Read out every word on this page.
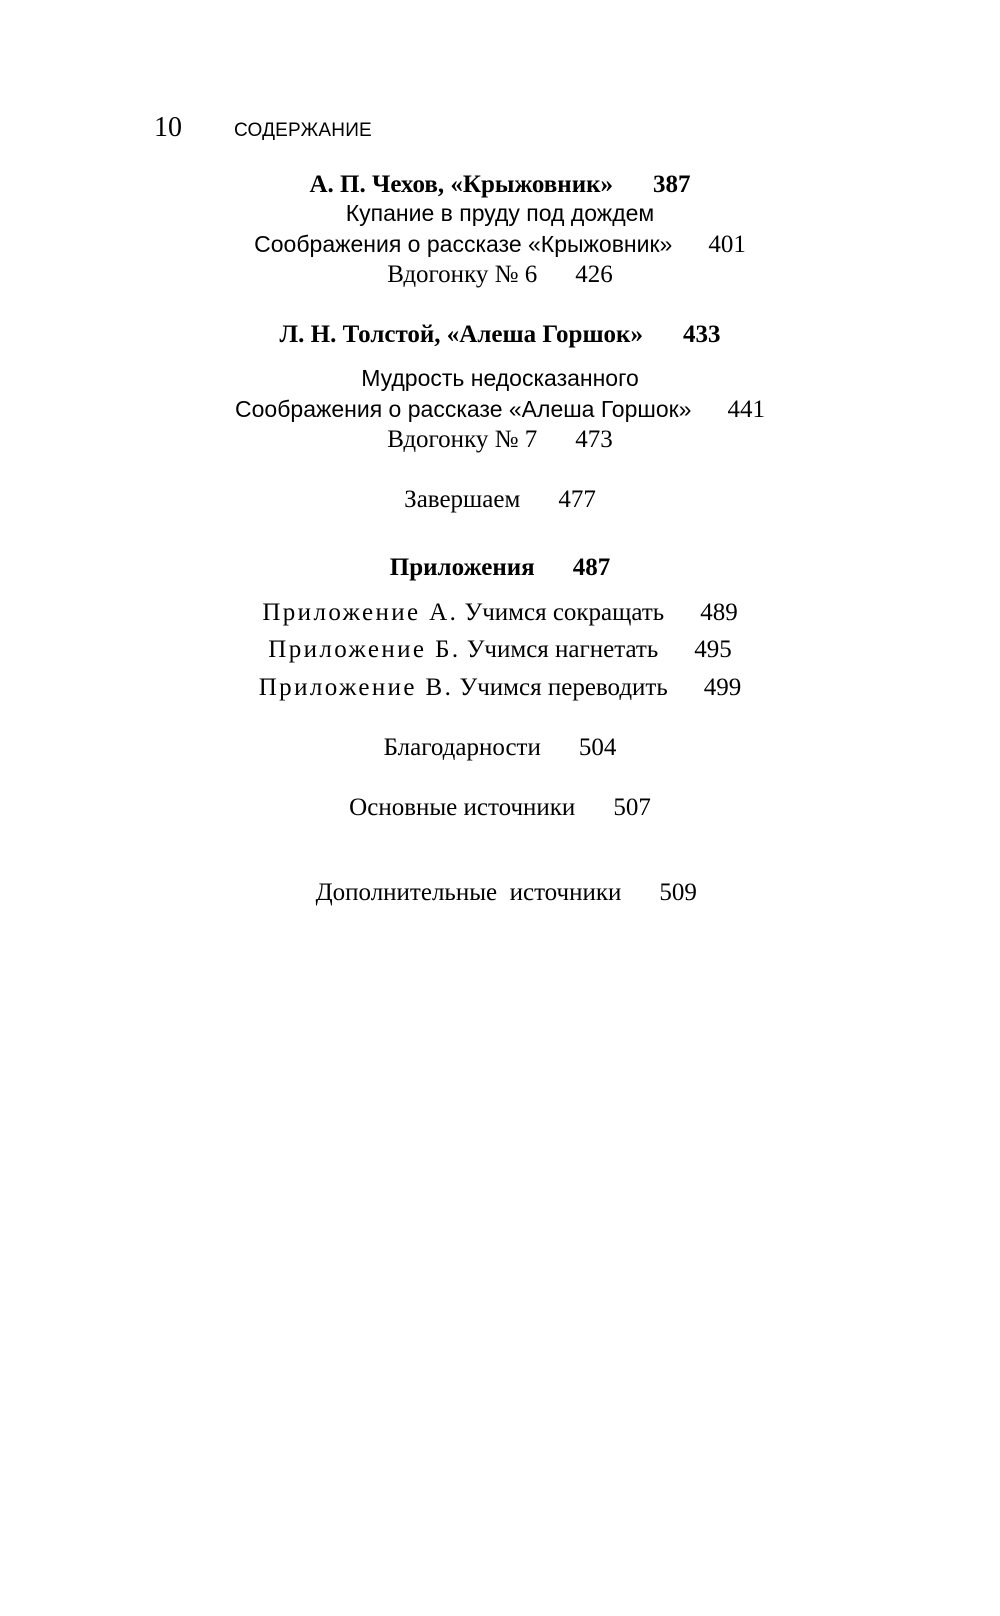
10	СОДЕРЖАНИЕ
А. П. Чехов, «Крыжовник» 387
Купание в пруду под дождем
Соображения о рассказе «Крыжовник» 401
Вдогонку № 6 426
Л. Н. Толстой, «Алеша Горшок» 433
Мудрость недосказанного
Соображения о рассказе «Алеша Горшок» 441
Вдогонку № 7 473
Завершаем 477
Приложения 487
Приложение А. Учимся сокращать 489
Приложение Б. Учимся нагнетать 495
Приложение В. Учимся переводить 499
Благодарности 504
Основные источники 507

Дополнительные  источники 509
